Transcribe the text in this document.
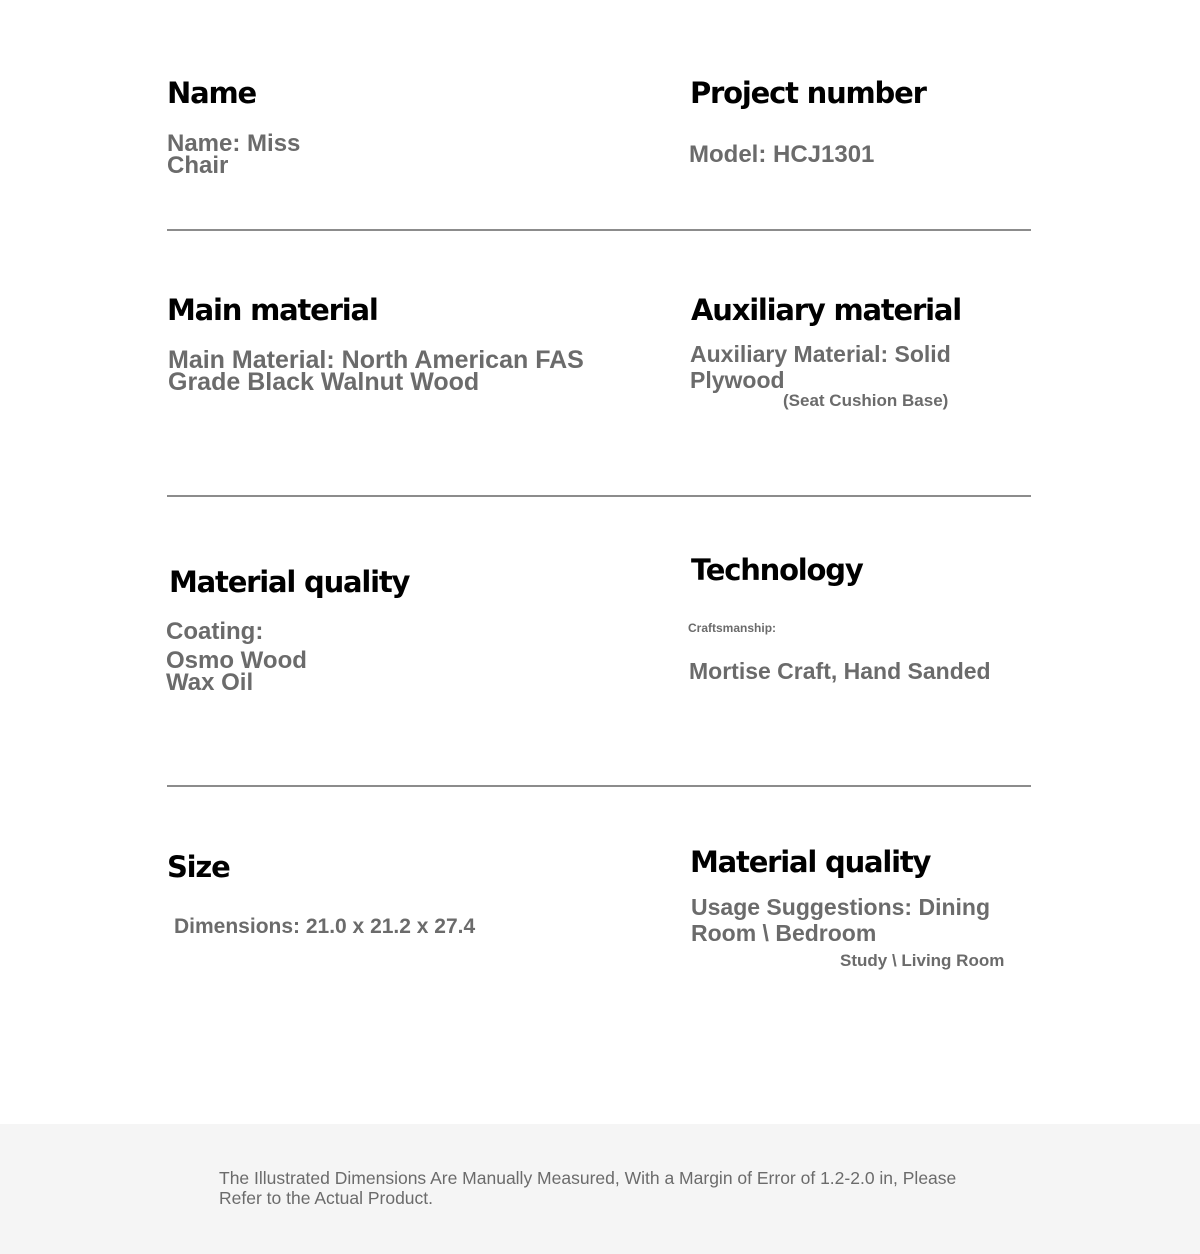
Name
Name: Miss
Chair
Project number
Model: HCJ1301
Main material
Main Material: North American FAS
Grade Black Walnut Wood
Auxiliary material
Auxiliary Material: Solid
Plywood
(Seat Cushion Base)
Material quality
Coating:
Osmo Wood
Wax Oil
Technology
Craftsmanship:
Mortise Craft, Hand Sanded
Size
Dimensions: 21.0 x 21.2 x 27.4
Material quality
Usage Suggestions: Dining
Room \ Bedroom
Study \ Living Room
The Illustrated Dimensions Are Manually Measured, With a Margin of Error of 1.2-2.0 in, Please Refer to the Actual Product.
